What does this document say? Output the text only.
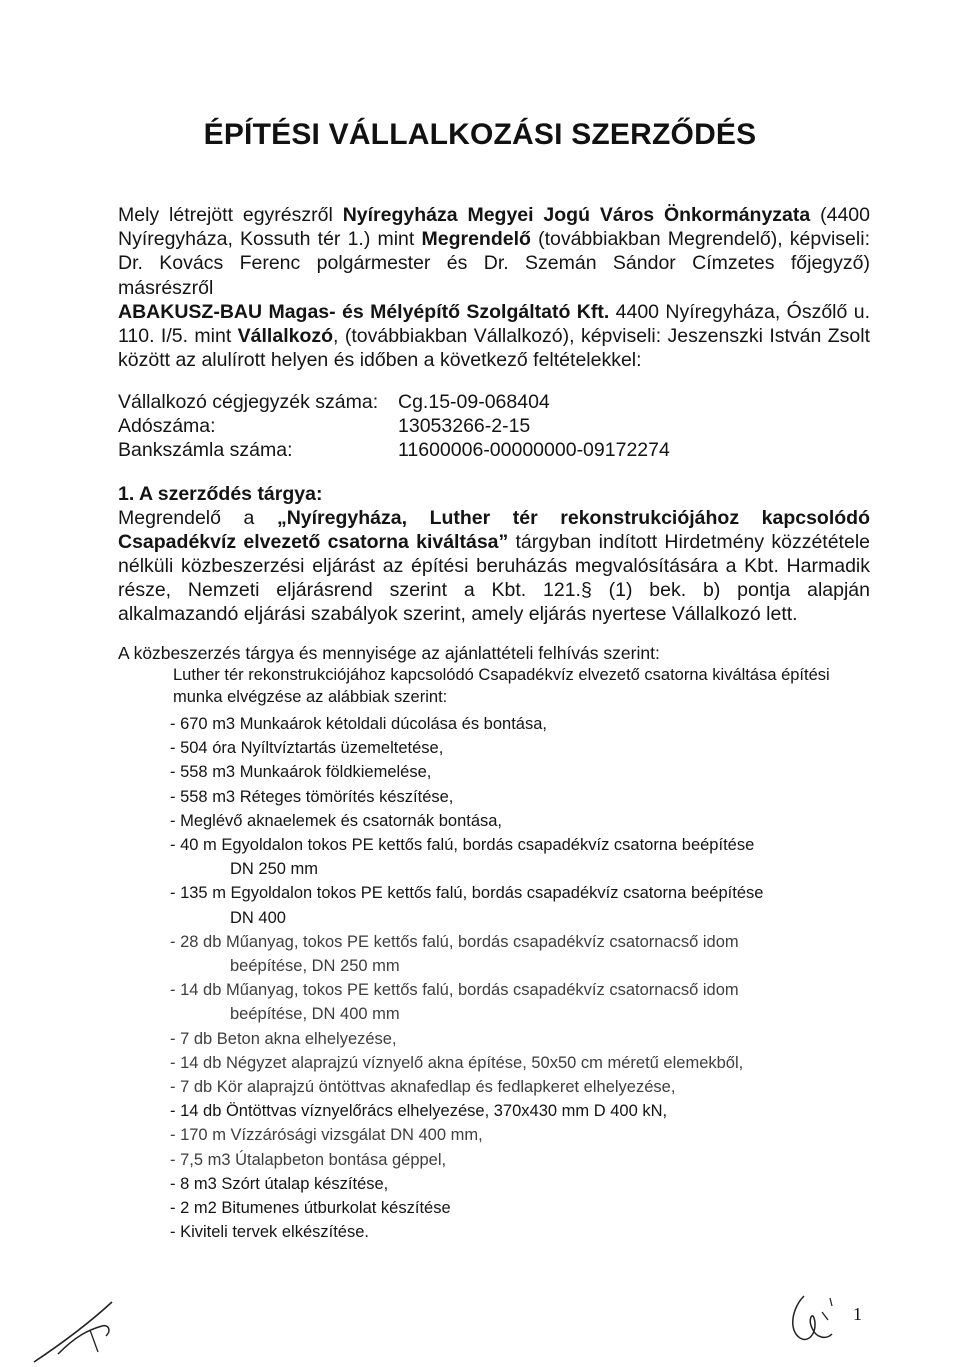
ÉPÍTÉSI VÁLLALKOZÁSI SZERZŐDÉS
Mely létrejött egyrészről Nyíregyháza Megyei Jogú Város Önkormányzata (4400 Nyíregyháza, Kossuth tér 1.) mint Megrendelő (továbbiakban Megrendelő), képviseli: Dr. Kovács Ferenc polgármester és Dr. Szemán Sándor Címzetes főjegyző) másrészről
ABAKUSZ-BAU Magas- és Mélyépítő Szolgáltató Kft. 4400 Nyíregyháza, Ószőlő u. 110. I/5. mint Vállalkozó, (továbbiakban Vállalkozó), képviseli: Jeszenszki István Zsolt között az alulírott helyen és időben a következő feltételekkel:
Vállalkozó cégjegyzék száma:	Cg.15-09-068404
Adószáma:	13053266-2-15
Bankszámla száma:	11600006-00000000-09172274
1. A szerződés tárgya:
Megrendelő a „Nyíregyháza, Luther tér rekonstrukciójához kapcsolódó Csapadékvíz elvezető csatorna kiváltása” tárgyban indított Hirdetmény közzététele nélküli közbeszerzési eljárást az építési beruházás megvalósítására a Kbt. Harmadik része, Nemzeti eljárásrend szerint a Kbt. 121.§ (1) bek. b) pontja alapján alkalmazandó eljárási szabályok szerint, amely eljárás nyertese Vállalkozó lett.
A közbeszerzés tárgya és mennyisége az ajánlattételi felhívás szerint:
Luther tér rekonstrukciójához kapcsolódó Csapadékvíz elvezető csatorna kiváltása építési munka elvégzése az alábbiak szerint:
- 670 m3 Munkaárok kétoldali dúcolása és bontása,
- 504 óra Nyíltvíztartás üzemeltetése,
- 558 m3 Munkaárok földkiemelése,
- 558 m3 Réteges tömörítés készítése,
- Meglévő aknaelemek és csatornák bontása,
- 40 m Egyoldalon tokos PE kettős falú, bordás csapadékvíz csatorna beépítése
DN 250 mm
- 135 m Egyoldalon tokos PE kettős falú, bordás csapadékvíz csatorna beépítése
DN 400
- 28 db Műanyag, tokos PE kettős falú, bordás csapadékvíz csatornacső idom
beépítése, DN 250 mm
- 14 db Műanyag, tokos PE kettős falú, bordás csapadékvíz csatornacső idom
beépítése, DN 400 mm
- 7 db Beton akna elhelyezése,
- 14 db Négyzet alaprajzú víznyelő akna építése, 50x50 cm méretű elemekből,
- 7 db Kör alaprajzú öntöttvas aknafedlap és fedlapkeret elhelyezése,
- 14 db Öntöttvas víznyelőrács elhelyezése, 370x430 mm D 400 kN,
- 170 m Vízzárósági vizsgálat DN 400 mm,
- 7,5 m3 Útalapbeton bontása géppel,
- 8 m3 Szórt útalap készítése,
- 2 m2 Bitumenes útburkolat készítése
- Kiviteli tervek elkészítése.
1
